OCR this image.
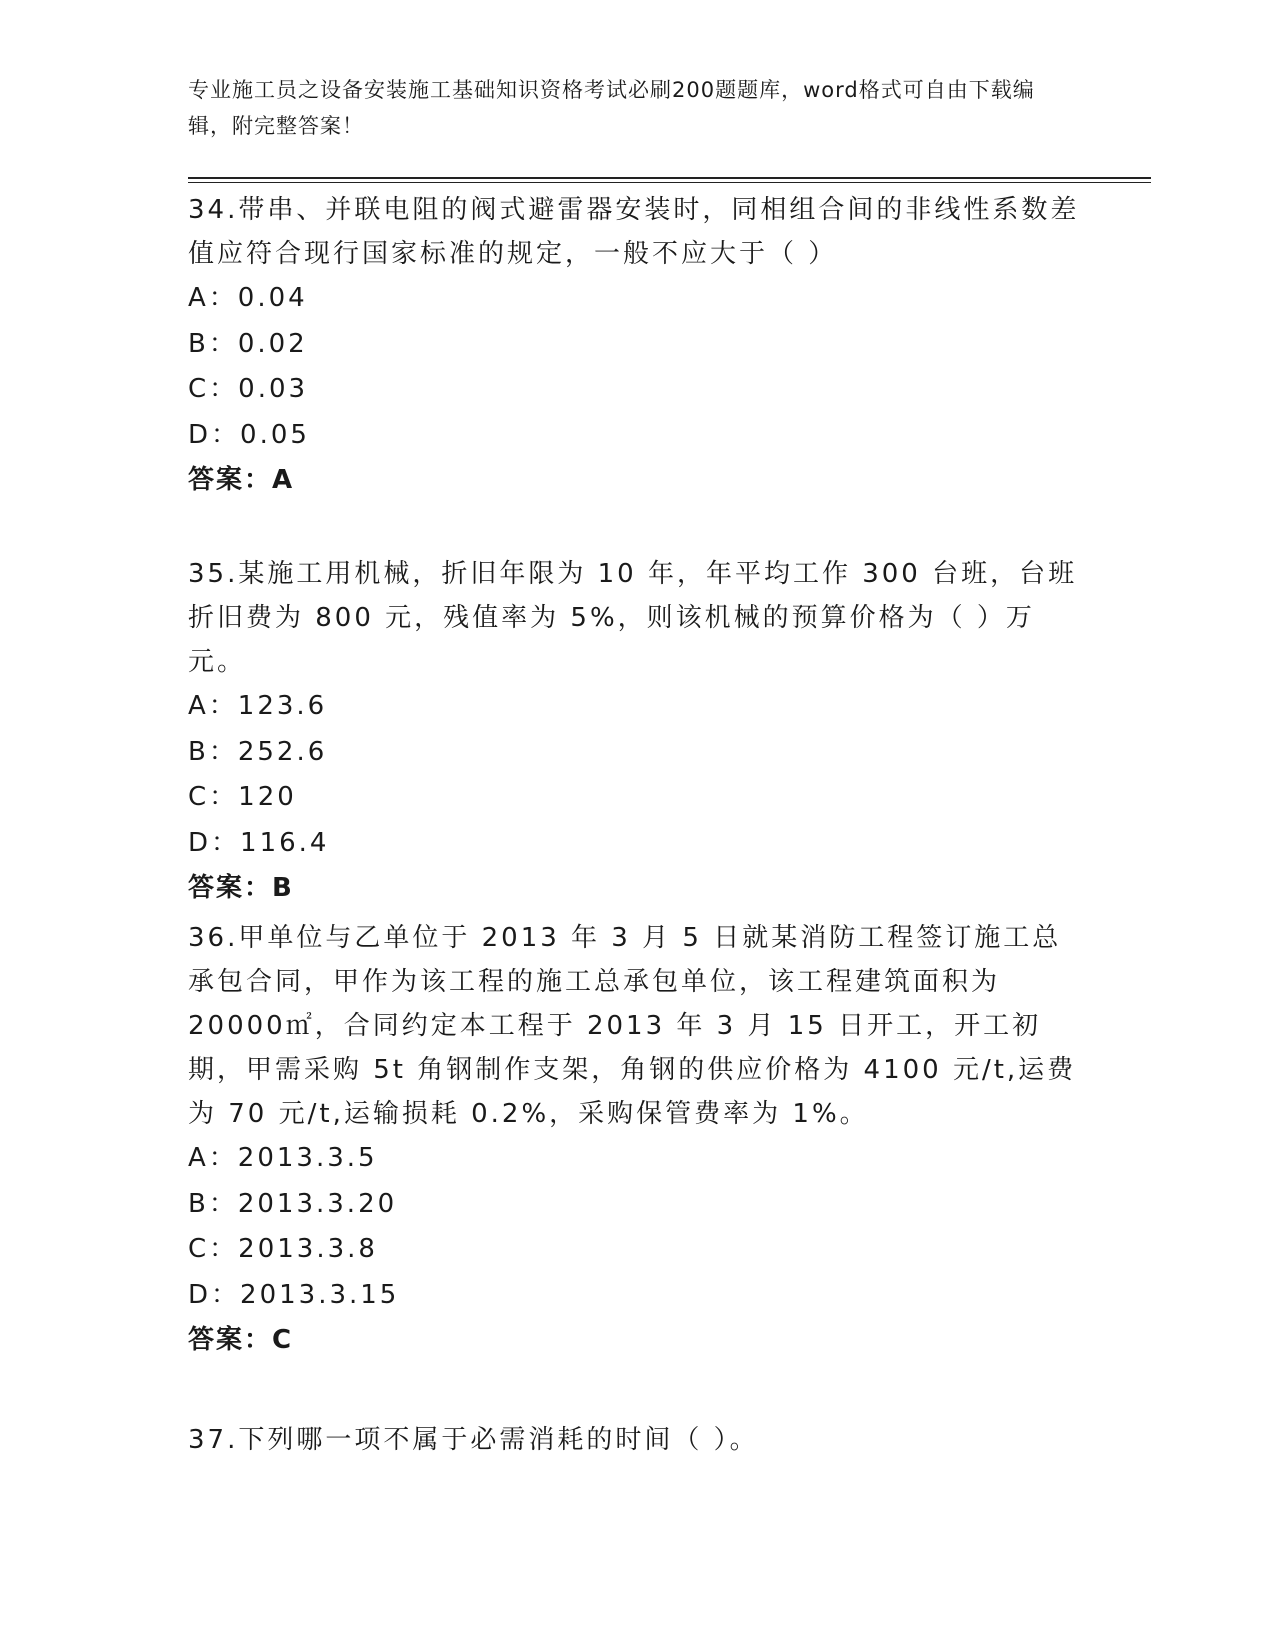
专业施工员之设备安装施工基础知识资格考试必刷200题题库，word格式可自由下载编辑，附完整答案！
34.带串、并联电阻的阀式避雷器安装时，同相组合间的非线性系数差值应符合现行国家标准的规定，一般不应大于（ ）
A：0.04
B：0.02
C：0.03
D：0.05
答案：A
35.某施工用机械，折旧年限为 10 年，年平均工作 300 台班，台班折旧费为 800 元，残值率为 5%，则该机械的预算价格为（ ）万元。
A：123.6
B：252.6
C：120
D：116.4
答案：B
36.甲单位与乙单位于 2013 年 3 月 5 日就某消防工程签订施工总承包合同，甲作为该工程的施工总承包单位，该工程建筑面积为 20000㎡，合同约定本工程于 2013 年 3 月 15 日开工，开工初期，甲需采购 5t 角钢制作支架，角钢的供应价格为 4100 元/t,运费为 70 元/t,运输损耗 0.2%，采购保管费率为 1%。
A：2013.3.5
B：2013.3.20
C：2013.3.8
D：2013.3.15
答案：C
37.下列哪一项不属于必需消耗的时间（ ）。
